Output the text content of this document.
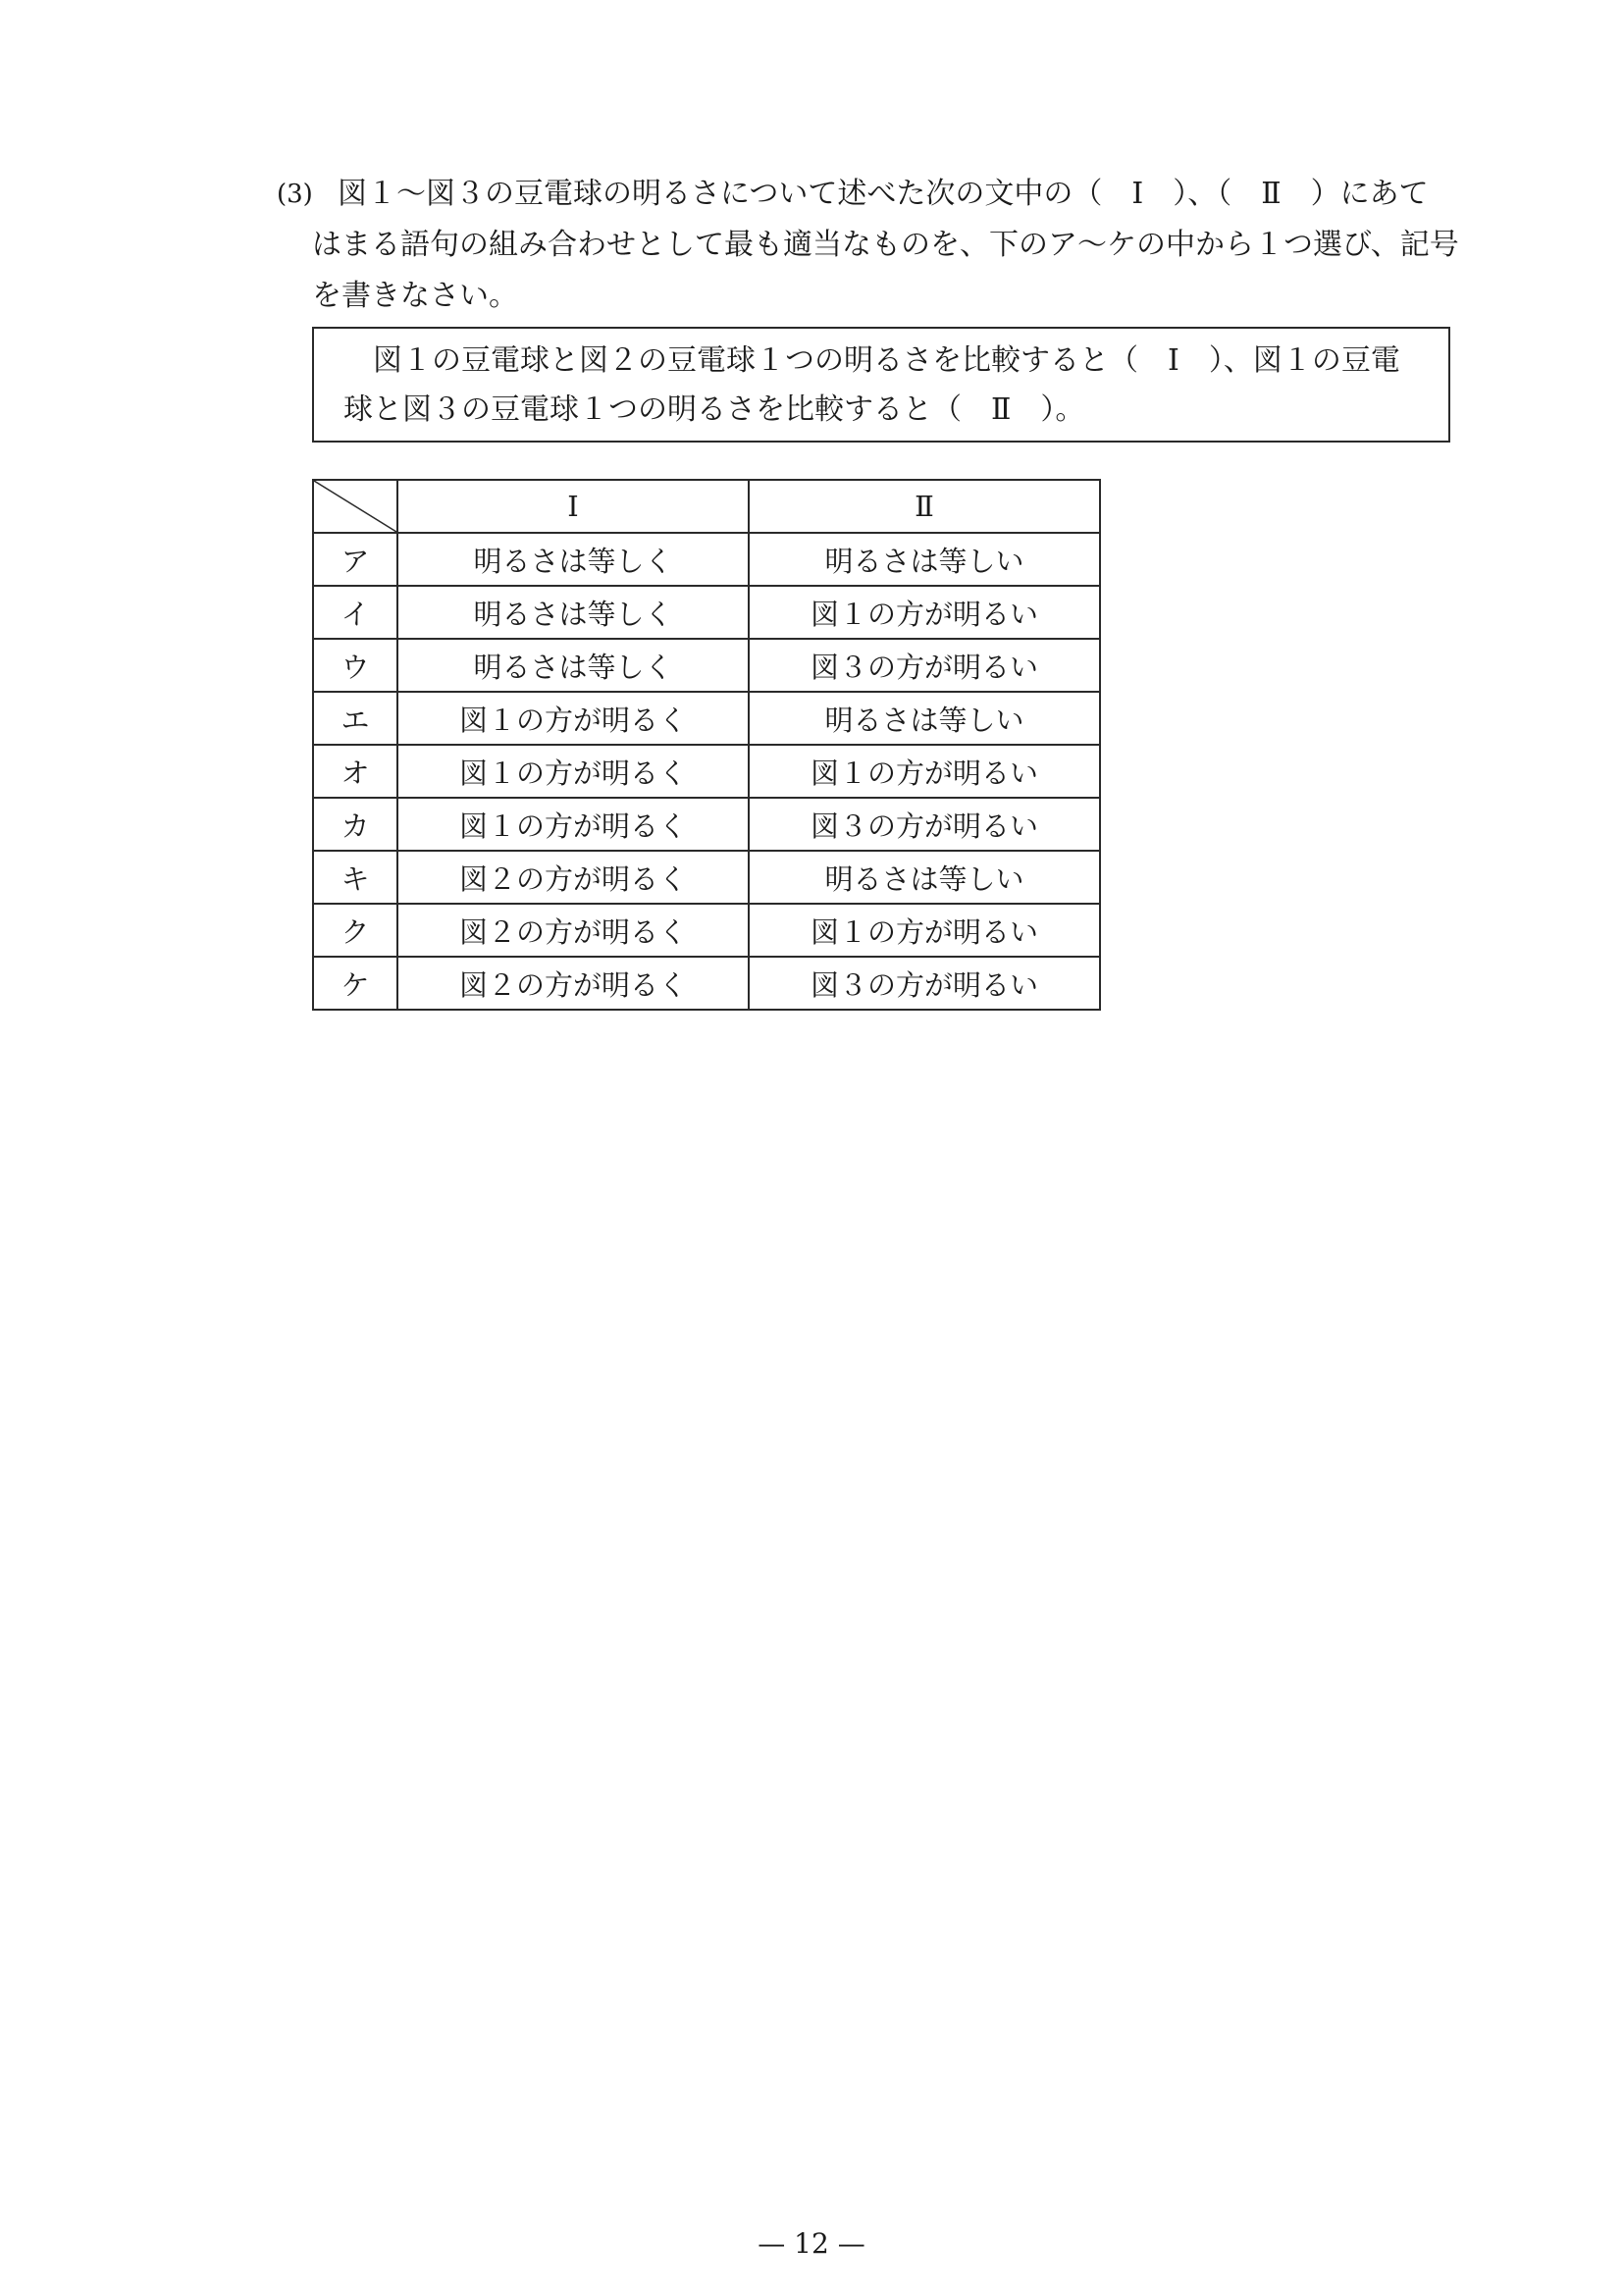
(3) 図１～図３の豆電球の明るさについて述べた次の文中の（　Ⅰ　）、（　Ⅱ　）にあて
はまる語句の組み合わせとして最も適当なものを、下のア～ケの中から１つ選び、記号
を書きなさい。
図１の豆電球と図２の豆電球１つの明るさを比較すると（　Ⅰ　）、図１の豆電
球と図３の豆電球１つの明るさを比較すると（　Ⅱ　）。
	Ⅰ	Ⅱ
ア	明るさは等しく	明るさは等しい
イ	明るさは等しく	図１の方が明るい
ウ	明るさは等しく	図３の方が明るい
エ	図１の方が明るく	明るさは等しい
オ	図１の方が明るく	図１の方が明るい
カ	図１の方が明るく	図３の方が明るい
キ	図２の方が明るく	明るさは等しい
ク	図２の方が明るく	図１の方が明るい
ケ	図２の方が明るく	図３の方が明るい
— 12 —
